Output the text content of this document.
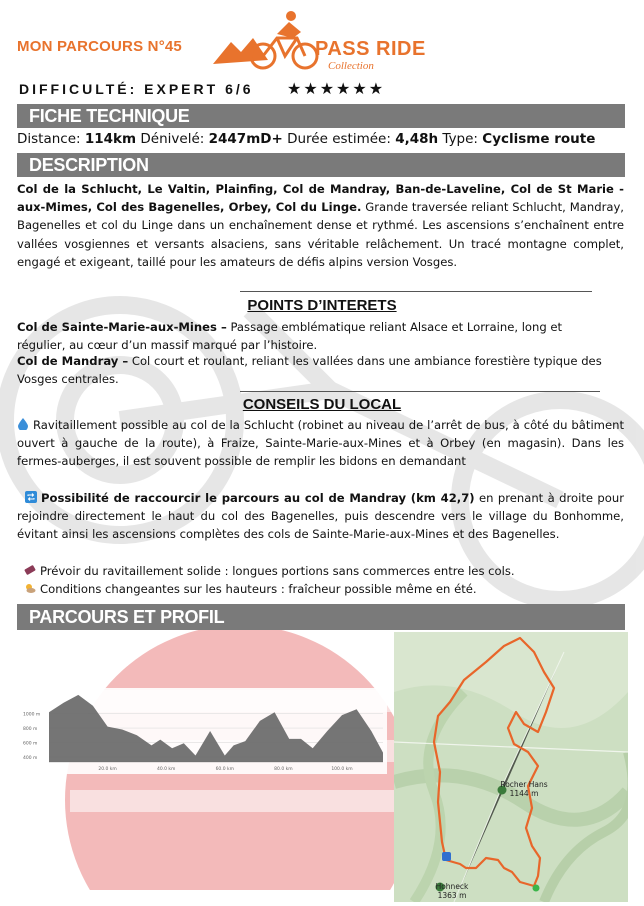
MON PARCOURS N°45	PASS RIDE
Collection
DIFFICULTÉ: EXPERT 6/6 ★★★★★★
FICHE TECHNIQUE
Distance: 114km Dénivelé: 2447mD+ Durée estimée: 4,48h Type: Cyclisme route
DESCRIPTION
Col de la Schlucht, Le Valtin, Plainfing, Col de Mandray, Ban-de-Laveline, Col de St Marie - aux-Mimes, Col des Bagenelles, Orbey, Col du Linge. Grande traversée reliant Schlucht, Mandray, Bagenelles et col du Linge dans un enchaînement dense et rythmé. Les ascensions s’enchaînent entre vallées vosgiennes et versants alsaciens, sans véritable relâchement. Un tracé montagne complet, engagé et exigeant, taillé pour les amateurs de défis alpins version Vosges.
POINTS D’INTERETS
Col de Sainte-Marie-aux-Mines – Passage emblématique reliant Alsace et Lorraine, long et régulier, au cœur d’un massif marqué par l’histoire.
Col de Mandray – Col court et roulant, reliant les vallées dans une ambiance forestière typique des Vosges centrales.
CONSEILS DU LOCAL
Ravitaillement possible au col de la Schlucht (robinet au niveau de l’arrêt de bus, à côté du bâtiment ouvert à gauche de la route), à Fraize, Sainte-Marie-aux-Mines et à Orbey (en magasin). Dans les fermes-auberges, il est souvent possible de remplir les bidons en demandant
Possibilité de raccourcir le parcours au col de Mandray (km 42,7) en prenant à droite pour rejoindre directement le haut du col des Bagenelles, puis descendre vers le village du Bonhomme, évitant ainsi les ascensions complètes des cols de Sainte-Marie-aux-Mines et des Bagenelles.
Prévoir du ravitaillement solide : longues portions sans commerces entre les cols.
Conditions changeantes sur les hauteurs : fraîcheur possible même en été.
PARCOURS ET PROFIL
1000 m
800 m
600 m
400 m
20.0 km	40.0 km	60.0 km	80.0 km	100.0 km
Rocher Hans
1144 m
Hohneck
1363 m
